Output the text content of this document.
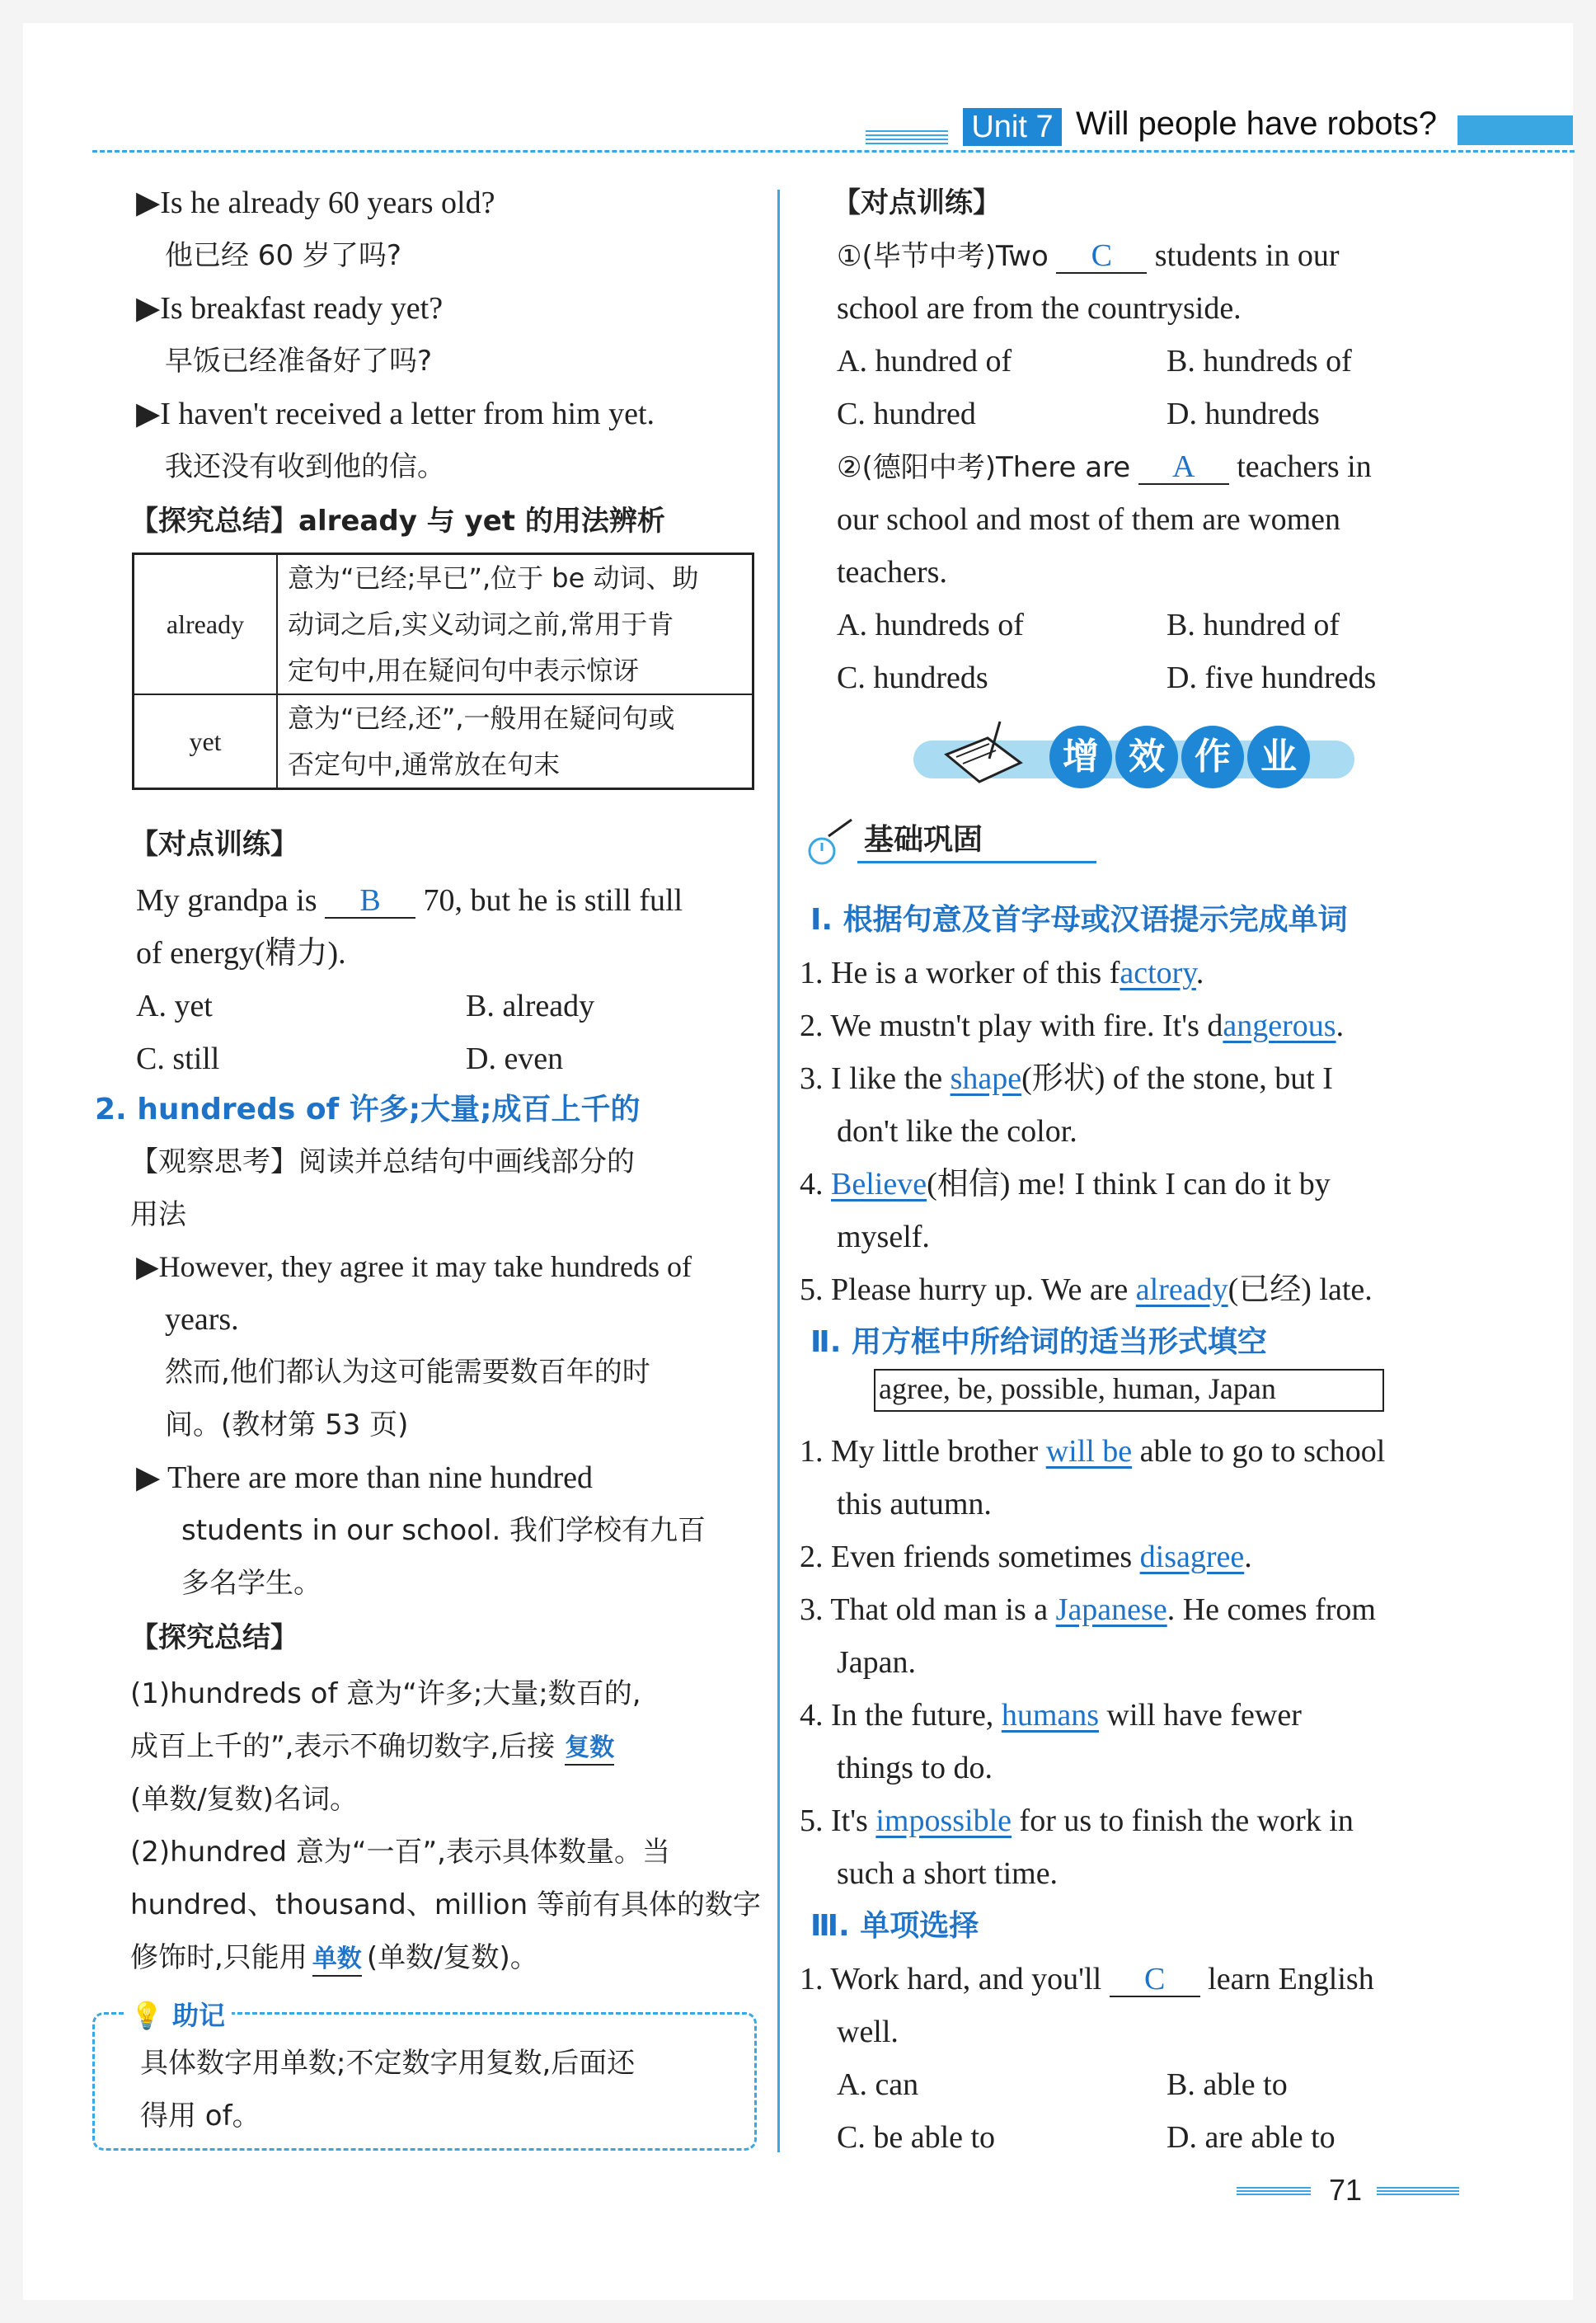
Unit 7 Will people have robots?
▶Is he already 60 years old?
他已经 60 岁了吗?
▶Is breakfast ready yet?
早饭已经准备好了吗?
▶I haven't received a letter from him yet.
我还没有收到他的信。
【探究总结】already 与 yet 的用法辨析
already	意为“已经;早已”,位于 be 动词、助
动词之后,实义动词之前,常用于肯
定句中,用在疑问句中表示惊讶

yet	意为“已经,还”,一般用在疑问句或
否定句中,通常放在句末
【对点训练】
My grandpa is B 70, but he is still full
of energy(精力).
A. yet	B. already
C. still	D. even
2. hundreds of 许多;大量;成百上千的
【观察思考】阅读并总结句中画线部分的
用法
▶However, they agree it may take hundreds of
years.
然而,他们都认为这可能需要数百年的时
间。(教材第 53 页)
▶ There are more than nine hundred
students in our school. 我们学校有九百
多名学生。
【探究总结】
(1)hundreds of 意为“许多;大量;数百的,
成百上千的”,表示不确切数字,后接 复数
(单数/复数)名词。
(2)hundred 意为“一百”,表示具体数量。当
hundred、thousand、million 等前有具体的数字
修饰时,只能用 单数 (单数/复数)。
💡 助记
具体数字用单数;不定数字用复数,后面还
得用 of。
【对点训练】
①(毕节中考)Two C students in our
school are from the countryside.
A. hundred of	B. hundreds of
C. hundred	D. hundreds
②(德阳中考)There are A teachers in
our school and most of them are women
teachers.
A. hundreds of	B. hundred of
C. hundreds	D. five hundreds
增 效 作 业
基础巩固
Ⅰ. 根据句意及首字母或汉语提示完成单词
1. He is a worker of this factory.
2. We mustn't play with fire. It's dangerous.
3. I like the shape(形状) of the stone, but I
don't like the color.
4. Believe(相信) me! I think I can do it by
myself.
5. Please hurry up. We are already(已经) late.
Ⅱ. 用方框中所给词的适当形式填空
agree, be, possible, human, Japan
1. My little brother will be able to go to school
this autumn.
2. Even friends sometimes disagree.
3. That old man is a Japanese. He comes from
Japan.
4. In the future, humans will have fewer
things to do.
5. It's impossible for us to finish the work in
such a short time.
Ⅲ. 单项选择
1. Work hard, and you'll C learn English
well.
A. can	B. able to
C. be able to	D. are able to
71
